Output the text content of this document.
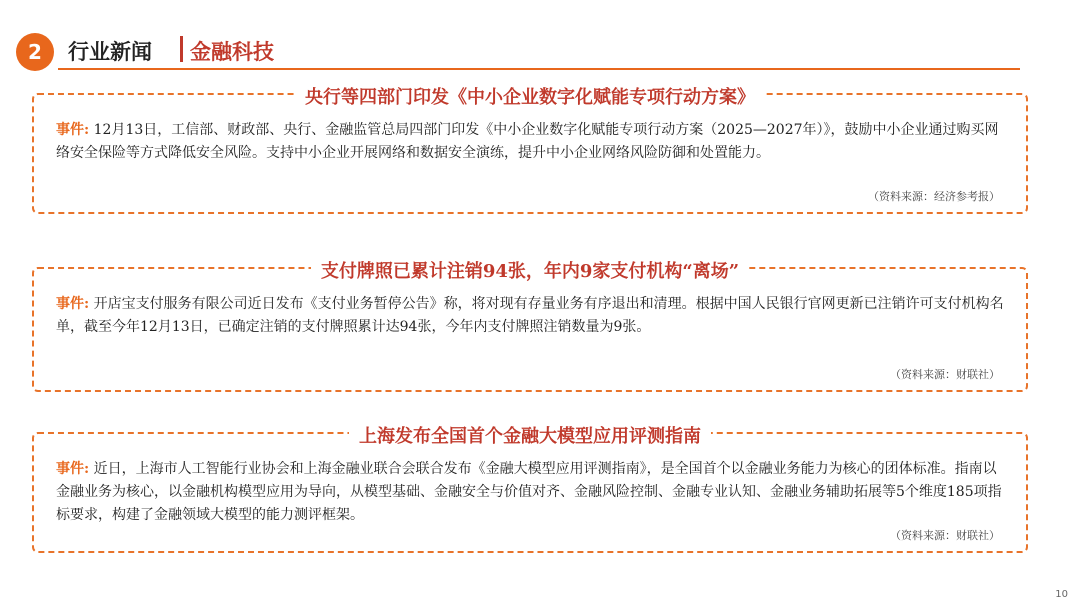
2	行业新闻 金融科技
央行等四部门印发《中小企业数字化赋能专项行动方案》
事件: 12月13日，工信部、财政部、央行、金融监管总局四部门印发《中小企业数字化赋能专项行动方案（2025—2027年）》，鼓励中小企业通过购买网络安全保险等方式降低安全风险。支持中小企业开展网络和数据安全演练，提升中小企业网络风险防御和处置能力。
（资料来源：经济参考报）
支付牌照已累计注销94张，年内9家支付机构“离场”
事件: 开店宝支付服务有限公司近日发布《支付业务暂停公告》称，将对现有存量业务有序退出和清理。根据中国人民银行官网更新已注销许可支付机构名单，截至今年12月13日，已确定注销的支付牌照累计达94张，今年内支付牌照注销数量为9张。
（资料来源：财联社）
上海发布全国首个金融大模型应用评测指南
事件: 近日，上海市人工智能行业协会和上海金融业联合会联合发布《金融大模型应用评测指南》，是全国首个以金融业务能力为核心的团体标准。指南以金融业务为核心，以金融机构模型应用为导向，从模型基础、金融安全与价值对齐、金融风险控制、金融专业认知、金融业务辅助拓展等5个维度185项指标要求，构建了金融领域大模型的能力测评框架。
（资料来源：财联社）
10
